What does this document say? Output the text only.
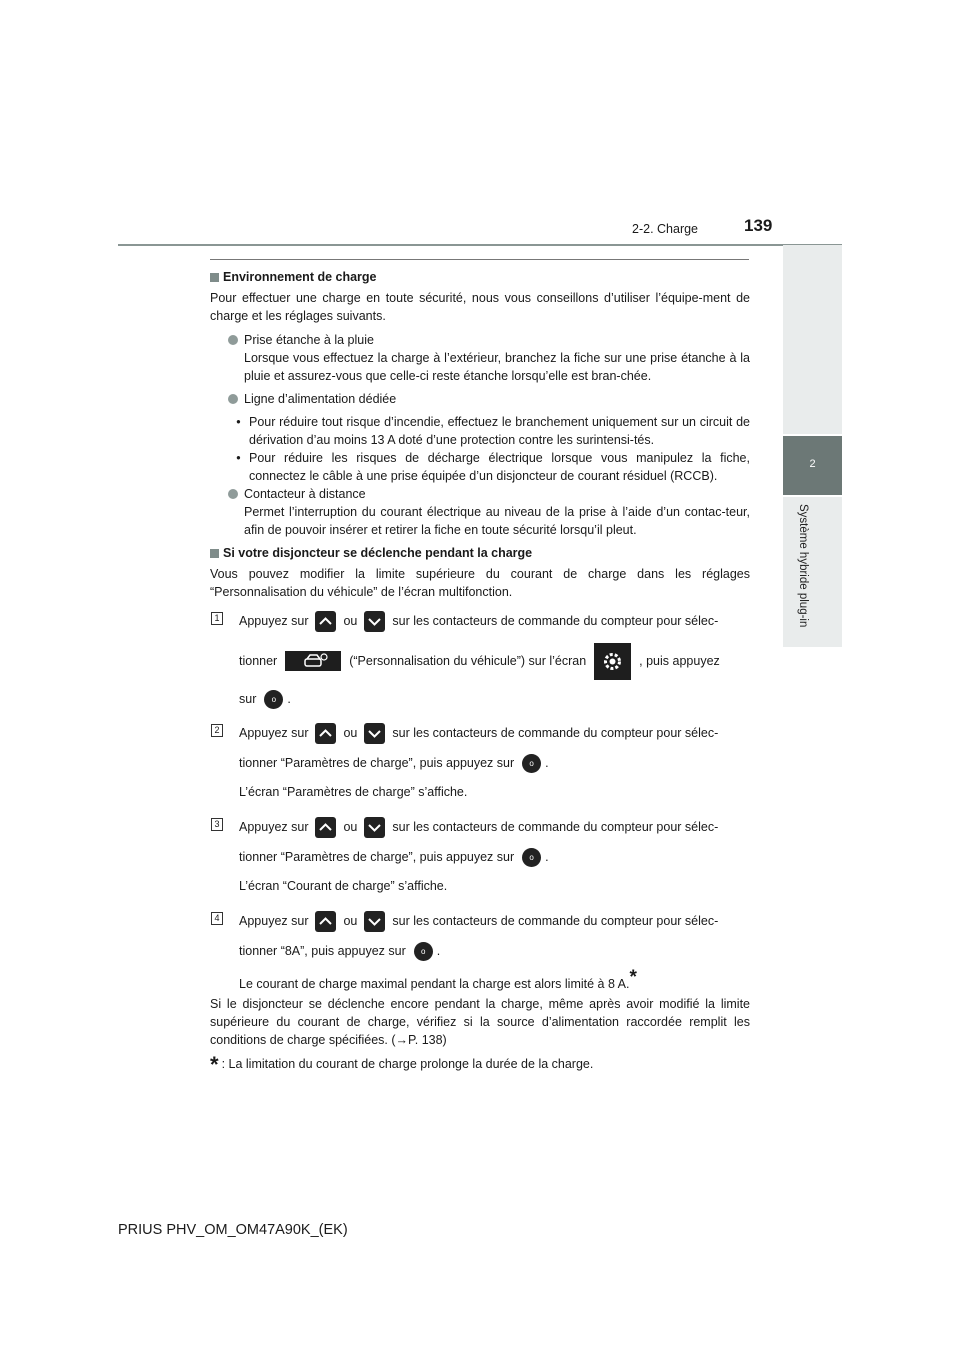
2-2. Charge	139
2
Système hybride plug-in

Environnement de charge

Pour effectuer une charge en toute sécurité, nous vous conseillons d’utiliser l’équipe-ment de charge et les réglages suivants.

Prise étanche à la pluie

Lorsque vous effectuez la charge à l’extérieur, branchez la fiche sur une prise étanche à la pluie et assurez-vous que celle-ci reste étanche lorsqu’elle est bran-chée.

Ligne d’alimentation dédiée

• Pour réduire tout risque d’incendie, effectuez le branchement uniquement sur un circuit de dérivation d’au moins 13 A doté d’une protection contre les surintensi-tés.

• Pour réduire les risques de décharge électrique lorsque vous manipulez la fiche, connectez le câble à une prise équipée d’un disjoncteur de courant résiduel (RCCB).

Contacteur à distance

Permet l’interruption du courant électrique au niveau de la prise à l’aide d’un contac-teur, afin de pouvoir insérer et retirer la fiche en toute sécurité lorsqu’il pleut.

Si votre disjoncteur se déclenche pendant la charge

Vous pouvez modifier la limite supérieure du courant de charge dans les réglages “Personnalisation du véhicule” de l’écran multifonction.

1 Appuyez sur	ou	sur les contacteurs de commande du compteur pour sélec-
tionner	(“Personnalisation du véhicule”) sur l’écran	, puis appuyez
sur	o .
2 Appuyez sur	ou	sur les contacteurs de commande du compteur pour sélec-
tionner “Paramètres de charge”, puis appuyez sur	o .

L’écran “Paramètres de charge” s’affiche.

3 Appuyez sur	ou	sur les contacteurs de commande du compteur pour sélec-
tionner “Paramètres de charge”, puis appuyez sur	o .

L’écran “Courant de charge” s’affiche.

4 Appuyez sur	ou	sur les contacteurs de commande du compteur pour sélec-
tionner “8A”, puis appuyez sur	o .

Le courant de charge maximal pendant la charge est alors limité à 8 A.*

Si le disjoncteur se déclenche encore pendant la charge, même après avoir modifié la limite supérieure du courant de charge, vérifiez si la source d’alimentation raccordée remplit les conditions de charge spécifiées. (→P. 138)

* : La limitation du courant de charge prolonge la durée de la charge.

PRIUS PHV_OM_OM47A90K_(EK)
